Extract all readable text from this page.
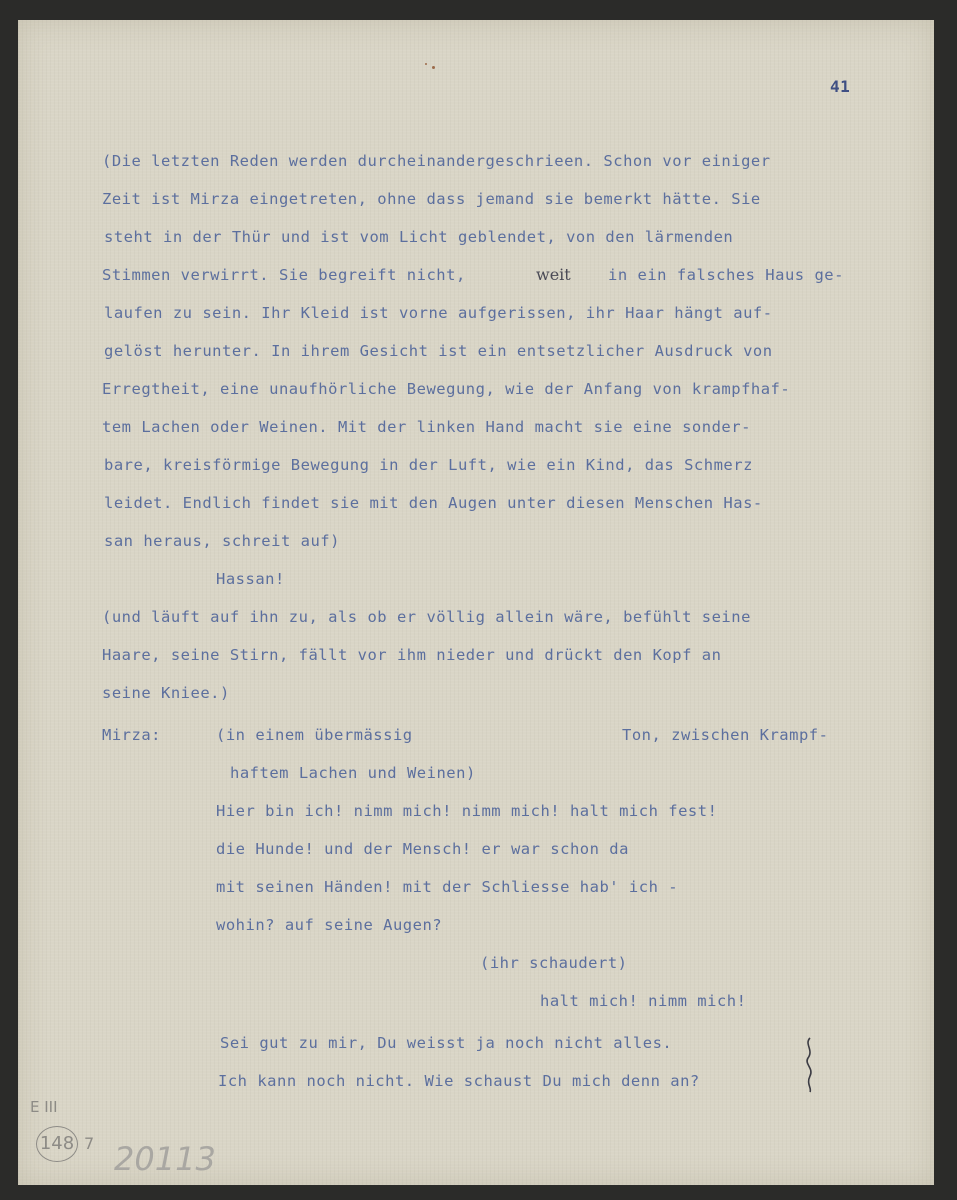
41
(Die letzten Reden werden durcheinandergeschrieen. Schon vor einiger
Zeit ist Mirza eingetreten, ohne dass jemand sie bemerkt hätte. Sie
steht in der Thür und ist vom Licht geblendet, von den lärmenden
Stimmen verwirrt. Sie begreift nicht,	weit in ein falsches Haus ge-
laufen zu sein. Ihr Kleid ist vorne aufgerissen, ihr Haar hängt auf-
gelöst herunter. In ihrem Gesicht ist ein entsetzlicher Ausdruck von
Erregtheit, eine unaufhörliche Bewegung, wie der Anfang von krampfhaf-
tem Lachen oder Weinen. Mit der linken Hand macht sie eine sonder-
bare, kreisförmige Bewegung in der Luft, wie ein Kind, das Schmerz
leidet. Endlich findet sie mit den Augen unter diesen Menschen Has-
san heraus, schreit auf)
Hassan!
(und läuft auf ihn zu, als ob er völlig allein wäre, befühlt seine
Haare, seine Stirn, fällt vor ihm nieder und drückt den Kopf an
seine Kniee.)
Mirza:	(in einem übermässig	Ton, zwischen Krampf-
haftem Lachen und Weinen)
Hier bin ich! nimm mich! nimm mich! halt mich fest!
die Hunde! und der Mensch! er war schon da
mit seinen Händen! mit der Schliesse hab' ich -
wohin? auf seine Augen?
(ihr schaudert)
halt mich! nimm mich!
Sei gut zu mir, Du weisst ja noch nicht alles.
Ich kann noch nicht. Wie schaust Du mich denn an?
E III
148 7 20113
